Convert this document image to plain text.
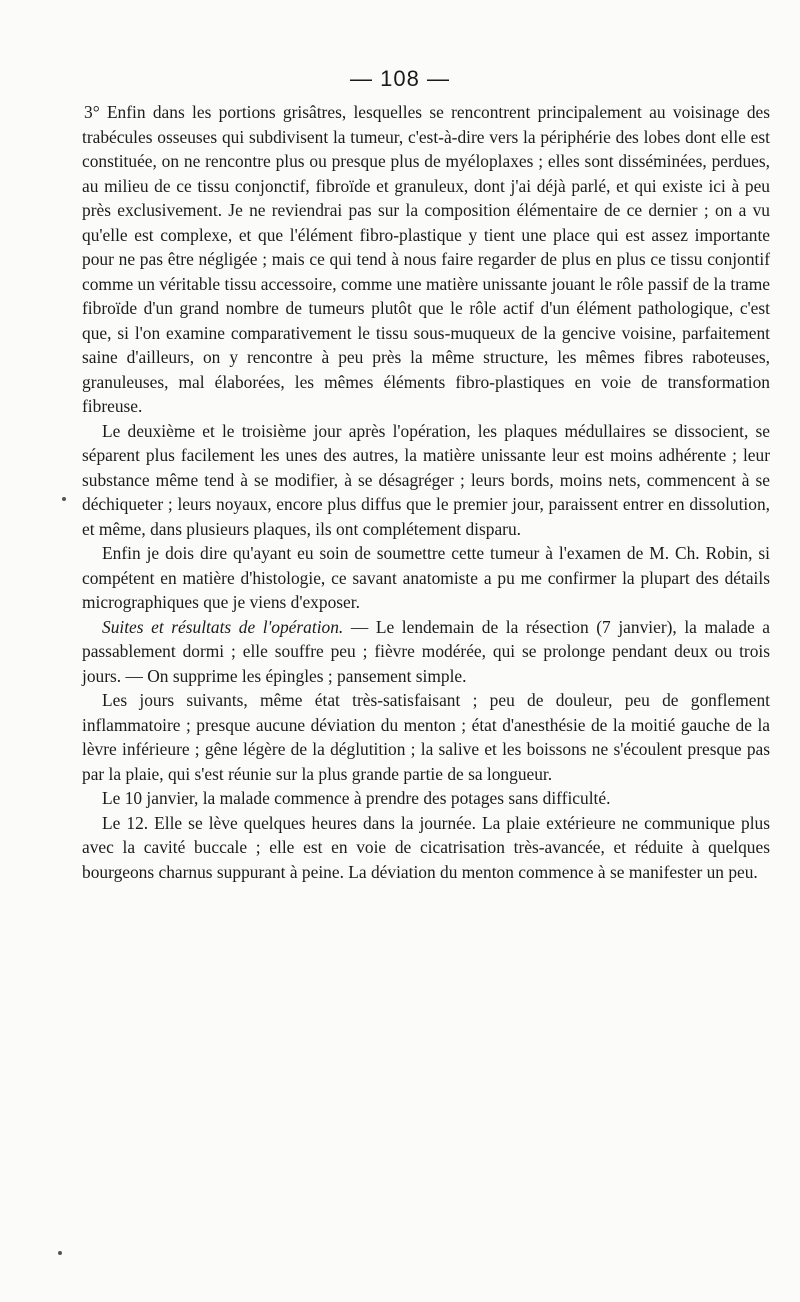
— 108 —

3° Enfin dans les portions grisâtres, lesquelles se rencontrent principalement au voisinage des trabécules osseuses qui subdivisent la tumeur, c'est-à-dire vers la périphérie des lobes dont elle est constituée, on ne rencontre plus ou presque plus de myéloplaxes ; elles sont disséminées, perdues, au milieu de ce tissu conjonctif, fibroïde et granuleux, dont j'ai déjà parlé, et qui existe ici à peu près exclusivement. Je ne reviendrai pas sur la composition élémentaire de ce dernier ; on a vu qu'elle est complexe, et que l'élément fibro-plastique y tient une place qui est assez importante pour ne pas être négligée ; mais ce qui tend à nous faire regarder de plus en plus ce tissu conjontif comme un véritable tissu accessoire, comme une matière unissante jouant le rôle passif de la trame fibroïde d'un grand nombre de tumeurs plutôt que le rôle actif d'un élément pathologique, c'est que, si l'on examine comparativement le tissu sous-muqueux de la gencive voisine, parfaitement saine d'ailleurs, on y rencontre à peu près la même structure, les mêmes fibres raboteuses, granuleuses, mal élaborées, les mêmes éléments fibro-plastiques en voie de transformation fibreuse.

Le deuxième et le troisième jour après l'opération, les plaques médullaires se dissocient, se séparent plus facilement les unes des autres, la matière unissante leur est moins adhérente ; leur substance même tend à se modifier, à se désagréger ; leurs bords, moins nets, commencent à se déchiqueter ; leurs noyaux, encore plus diffus que le premier jour, paraissent entrer en dissolution, et même, dans plusieurs plaques, ils ont complétement disparu.

Enfin je dois dire qu'ayant eu soin de soumettre cette tumeur à l'examen de M. Ch. Robin, si compétent en matière d'histologie, ce savant anatomiste a pu me confirmer la plupart des détails micrographiques que je viens d'exposer.

Suites et résultats de l'opération. — Le lendemain de la résection (7 janvier), la malade a passablement dormi ; elle souffre peu ; fièvre modérée, qui se prolonge pendant deux ou trois jours. — On supprime les épingles ; pansement simple.

Les jours suivants, même état très-satisfaisant ; peu de douleur, peu de gonflement inflammatoire ; presque aucune déviation du menton ; état d'anesthésie de la moitié gauche de la lèvre inférieure ; gêne légère de la déglutition ; la salive et les boissons ne s'écoulent presque pas par la plaie, qui s'est réunie sur la plus grande partie de sa longueur.

Le 10 janvier, la malade commence à prendre des potages sans difficulté.

Le 12. Elle se lève quelques heures dans la journée. La plaie extérieure ne communique plus avec la cavité buccale ; elle est en voie de cicatrisation très-avancée, et réduite à quelques bourgeons charnus suppurant à peine. La déviation du menton commence à se manifester un peu.
